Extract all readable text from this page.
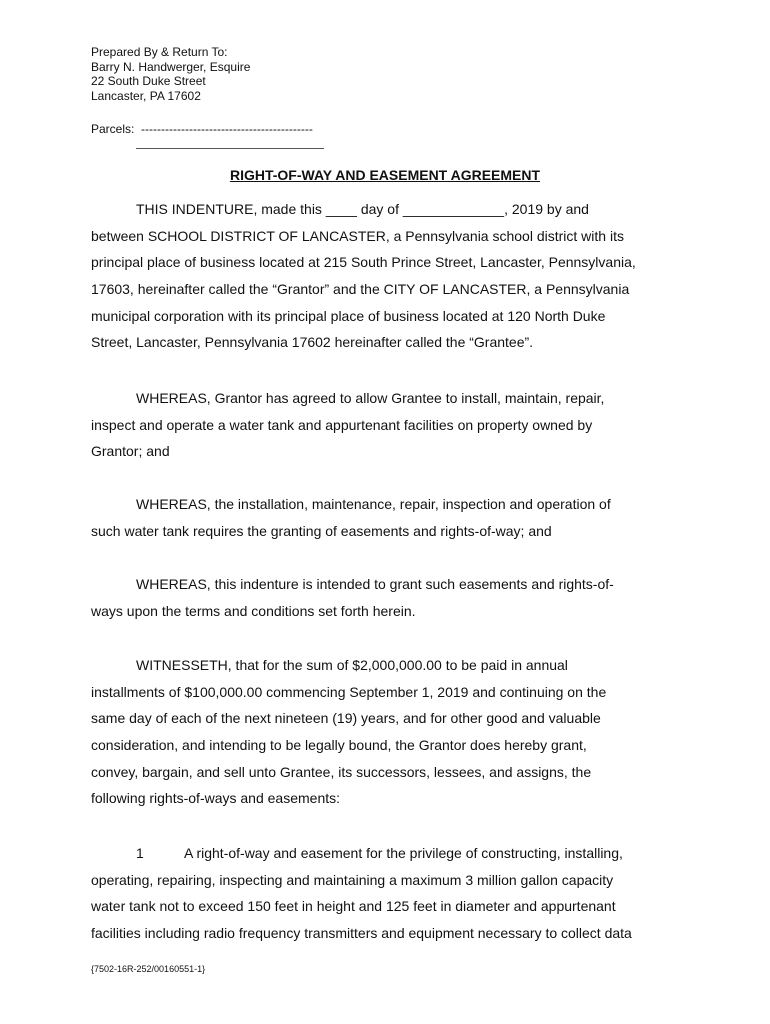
Prepared By & Return To:
Barry N. Handwerger, Esquire
22 South Duke Street
Lancaster, PA 17602
Parcels:  -------------------------------------------
RIGHT-OF-WAY AND EASEMENT AGREEMENT
THIS INDENTURE, made this ____ day of _____________, 2019 by and
between SCHOOL DISTRICT OF LANCASTER, a Pennsylvania school district with its
principal place of business located at 215 South Prince Street, Lancaster, Pennsylvania,
17603, hereinafter called the “Grantor” and the CITY OF LANCASTER, a Pennsylvania
municipal corporation with its principal place of business located at 120 North Duke
Street, Lancaster, Pennsylvania 17602 hereinafter called the “Grantee”.
WHEREAS, Grantor has agreed to allow Grantee to install, maintain, repair,
inspect and operate a water tank and appurtenant facilities on property owned by
Grantor; and
WHEREAS, the installation, maintenance, repair, inspection and operation of
such water tank requires the granting of easements and rights-of-way; and
WHEREAS, this indenture is intended to grant such easements and rights-of-
ways upon the terms and conditions set forth herein.
WITNESSETH, that for the sum of $2,000,000.00 to be paid in annual
installments of $100,000.00 commencing September 1, 2019 and continuing on the
same day of each of the next nineteen (19) years, and for other good and valuable
consideration, and intending to be legally bound, the Grantor does hereby grant,
convey, bargain, and sell unto Grantee, its successors, lessees, and assigns, the
following rights-of-ways and easements:
1	A right-of-way and easement for the privilege of constructing, installing,
operating, repairing, inspecting and maintaining a maximum 3 million gallon capacity
water tank not to exceed 150 feet in height and 125 feet in diameter and appurtenant
facilities including radio frequency transmitters and equipment necessary to collect data
{7502-16R-252/00160551-1}
